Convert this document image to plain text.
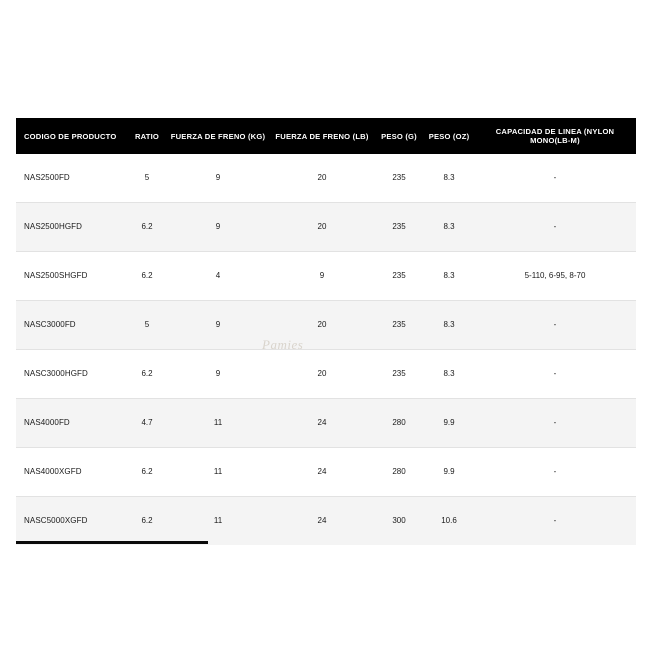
CODIGO DE PRODUCTO	RATIO	FUERZA DE FRENO (KG)	FUERZA DE FRENO (LB)	PESO (G)	PESO (OZ)	CAPACIDAD DE LINEA (NYLON MONO(LB-M)
NAS2500FD	5	9	20	235	8.3	-
NAS2500HGFD	6.2	9	20	235	8.3	-
NAS2500SHGFD	6.2	4	9	235	8.3	5-110, 6-95, 8-70
NASC3000FD	5	9	20	235	8.3	-
NASC3000HGFD	6.2	9	20	235	8.3	-
NAS4000FD	4.7	11	24	280	9.9	-
NAS4000XGFD	6.2	11	24	280	9.9	-
NASC5000XGFD	6.2	11	24	300	10.6	-
Pamies
